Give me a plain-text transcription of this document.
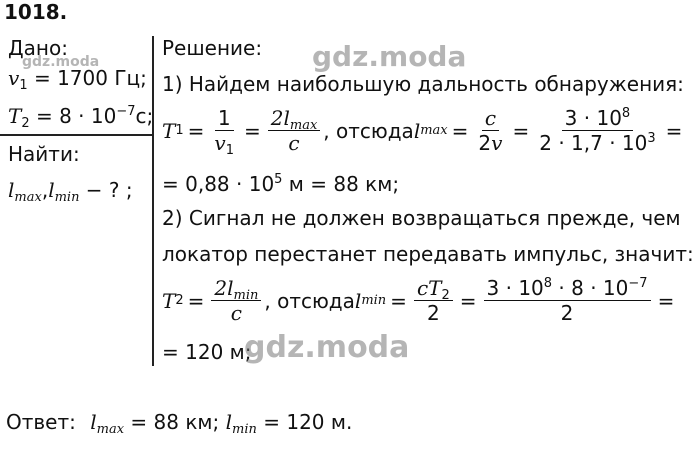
1018.
Дано:
$v_1 = 1700$ Гц;
$T_2 = 8 \cdot 10^{-7}с$;
Найти:
$l_{max},l_{min}$ − ? ;
Решение:
1) Найдем наибольшую дальность обнаружения:
T $1 = \frac{1}{v_1} = \frac{2l_{max}}{c}$ , отсюда l $\max = \frac{c}{2v} = \frac{3 \cdot 10^8}{2 \cdot 1,7 \cdot 10^3}$ =
= $0,88 \cdot 10^5$ м = 88 км;
2) Сигнал не должен возвращаться прежде, чем
локатор перестанет передавать импульс, значит:
T $2 = \frac{2l_{min}}{c}$ , отсюда l $\min = \frac{cT_2}{2} = \frac{3 \cdot 10^8 \cdot 8 \cdot 10^{-7}}{2}$ =
= 120 м;
Ответ: $l_{max} = 88$ км; $l_{min} = 120$ м.
gdz.moda	gdz.moda
gdz.moda
